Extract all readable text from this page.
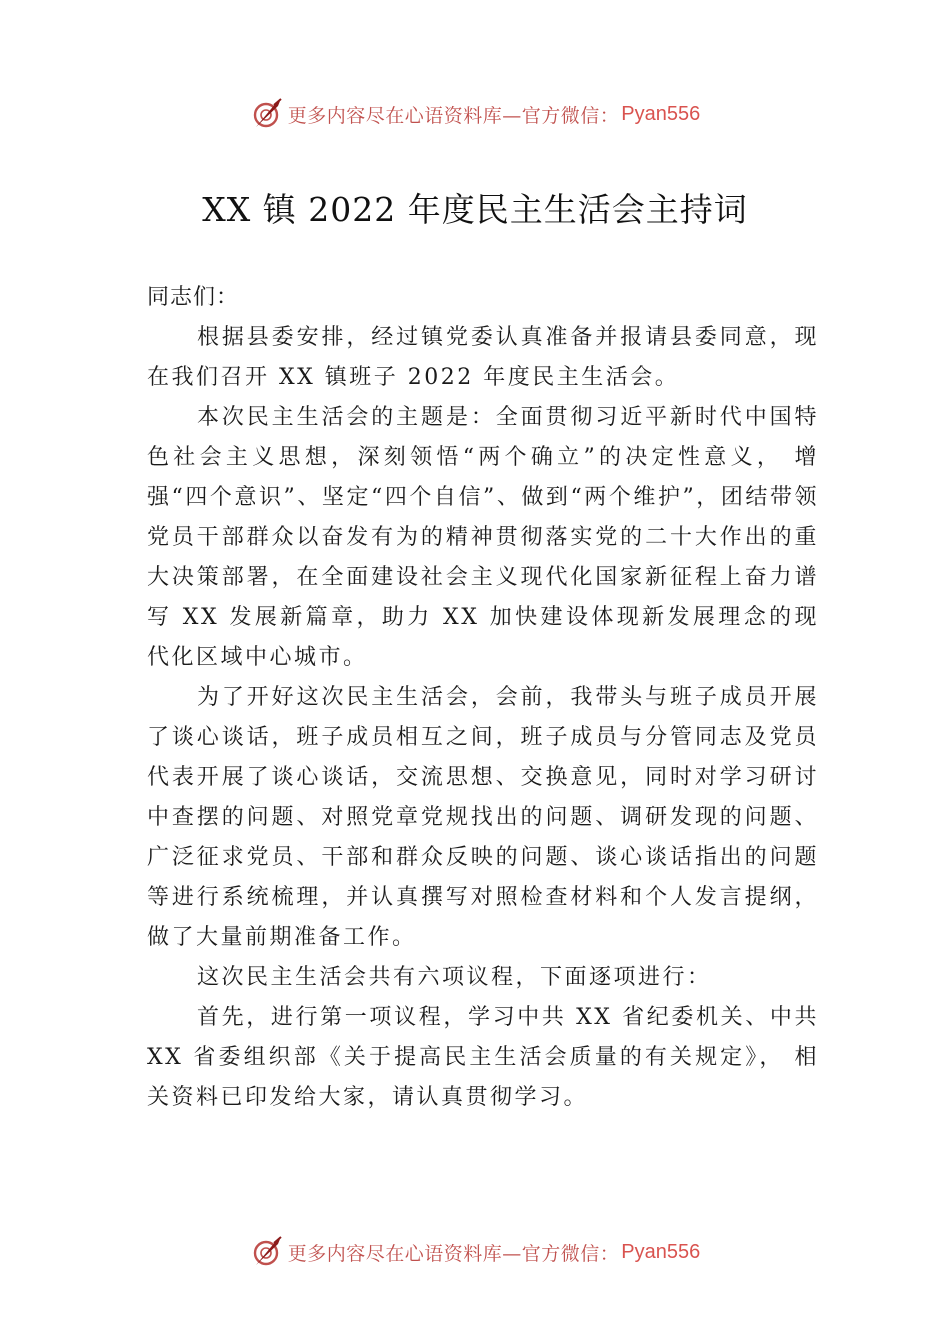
更多内容尽在心语资料库—官方微信： Pyan556
XX 镇 2022 年度民主生活会主持词

同志们：

根据县委安排，经过镇党委认真准备并报请县委同意，现在我们召开 XX 镇班子 2022 年度民主生活会。

本次民主生活会的主题是：全面贯彻习近平新时代中国特色社会主义思想，深刻领悟“两个确立”的决定性意义， 增强“四个意识”、坚定“四个自信”、做到“两个维护”，团结带领党员干部群众以奋发有为的精神贯彻落实党的二十大作出的重大决策部署，在全面建设社会主义现代化国家新征程上奋力谱写 XX 发展新篇章，助力 XX 加快建设体现新发展理念的现代化区域中心城市。

为了开好这次民主生活会，会前，我带头与班子成员开展了谈心谈话，班子成员相互之间，班子成员与分管同志及党员代表开展了谈心谈话，交流思想、交换意见，同时对学习研讨中查摆的问题、对照党章党规找出的问题、调研发现的问题、广泛征求党员、干部和群众反映的问题、谈心谈话指出的问题等进行系统梳理，并认真撰写对照检查材料和个人发言提纲，做了大量前期准备工作。

这次民主生活会共有六项议程，下面逐项进行：

首先，进行第一项议程，学习中共 XX 省纪委机关、中共 XX 省委组织部《关于提高民主生活会质量的有关规定》， 相关资料已印发给大家，请认真贯彻学习。

更多内容尽在心语资料库—官方微信： Pyan556
